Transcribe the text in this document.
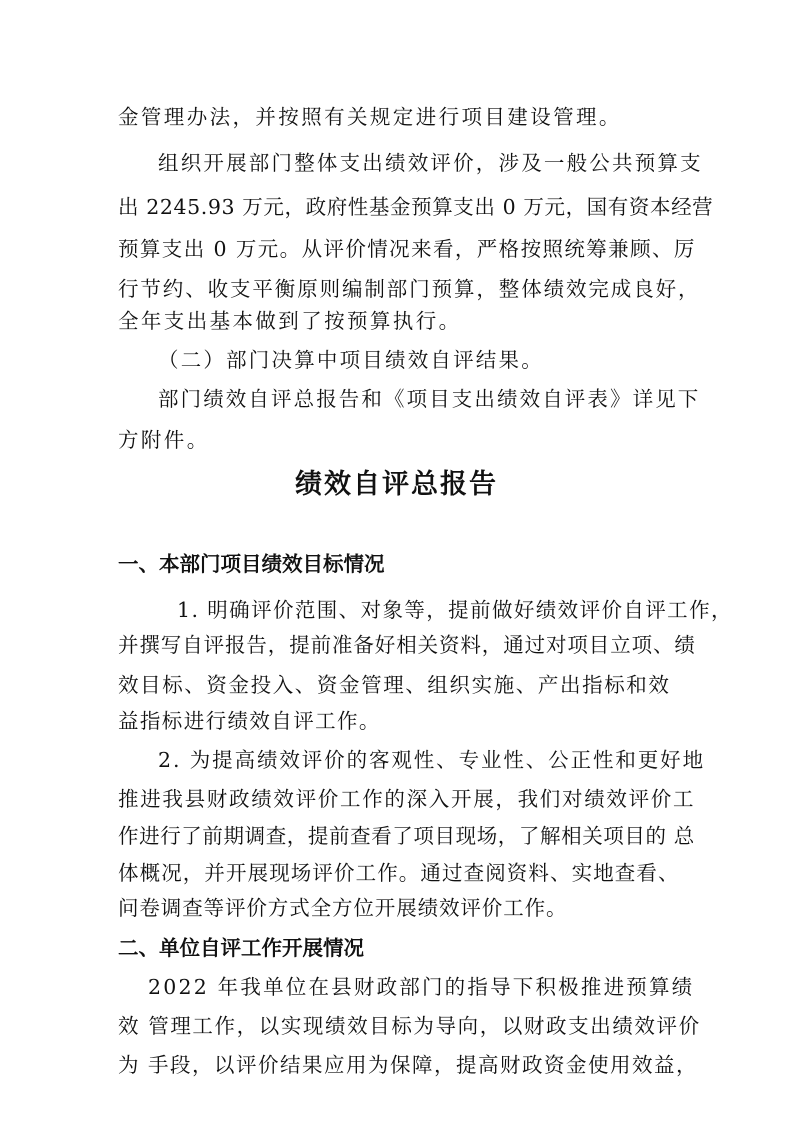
金管理办法，并按照有关规定进行项目建设管理。
组织开展部门整体支出绩效评价，涉及一般公共预算支
出 2245.93 万元，政府性基金预算支出 0 万元，国有资本经营
预算支出 0 万元。从评价情况来看，严格按照统筹兼顾、厉
行节约、收支平衡原则编制部门预算，整体绩效完成良好，
全年支出基本做到了按预算执行。
（二）部门决算中项目绩效自评结果。
部门绩效自评总报告和《项目支出绩效自评表》详见下
方附件。
绩效自评总报告
一、本部门项目绩效目标情况
1. 明确评价范围、对象等，提前做好绩效评价自评工作，
并撰写自评报告，提前准备好相关资料，通过对项目立项、绩
效目标、资金投入、资金管理、组织实施、产出指标和效
益指标进行绩效自评工作。
2. 为提高绩效评价的客观性、专业性、公正性和更好地
推进我县财政绩效评价工作的深入开展，我们对绩效评价工
作进行了前期调查，提前查看了项目现场，了解相关项目的 总
体概况，并开展现场评价工作。通过查阅资料、实地查看、
问卷调查等评价方式全方位开展绩效评价工作。
二、单位自评工作开展情况
2022 年我单位在县财政部门的指导下积极推进预算绩
效 管理工作，以实现绩效目标为导向，以财政支出绩效评价
为 手段，以评价结果应用为保障，提高财政资金使用效益，
